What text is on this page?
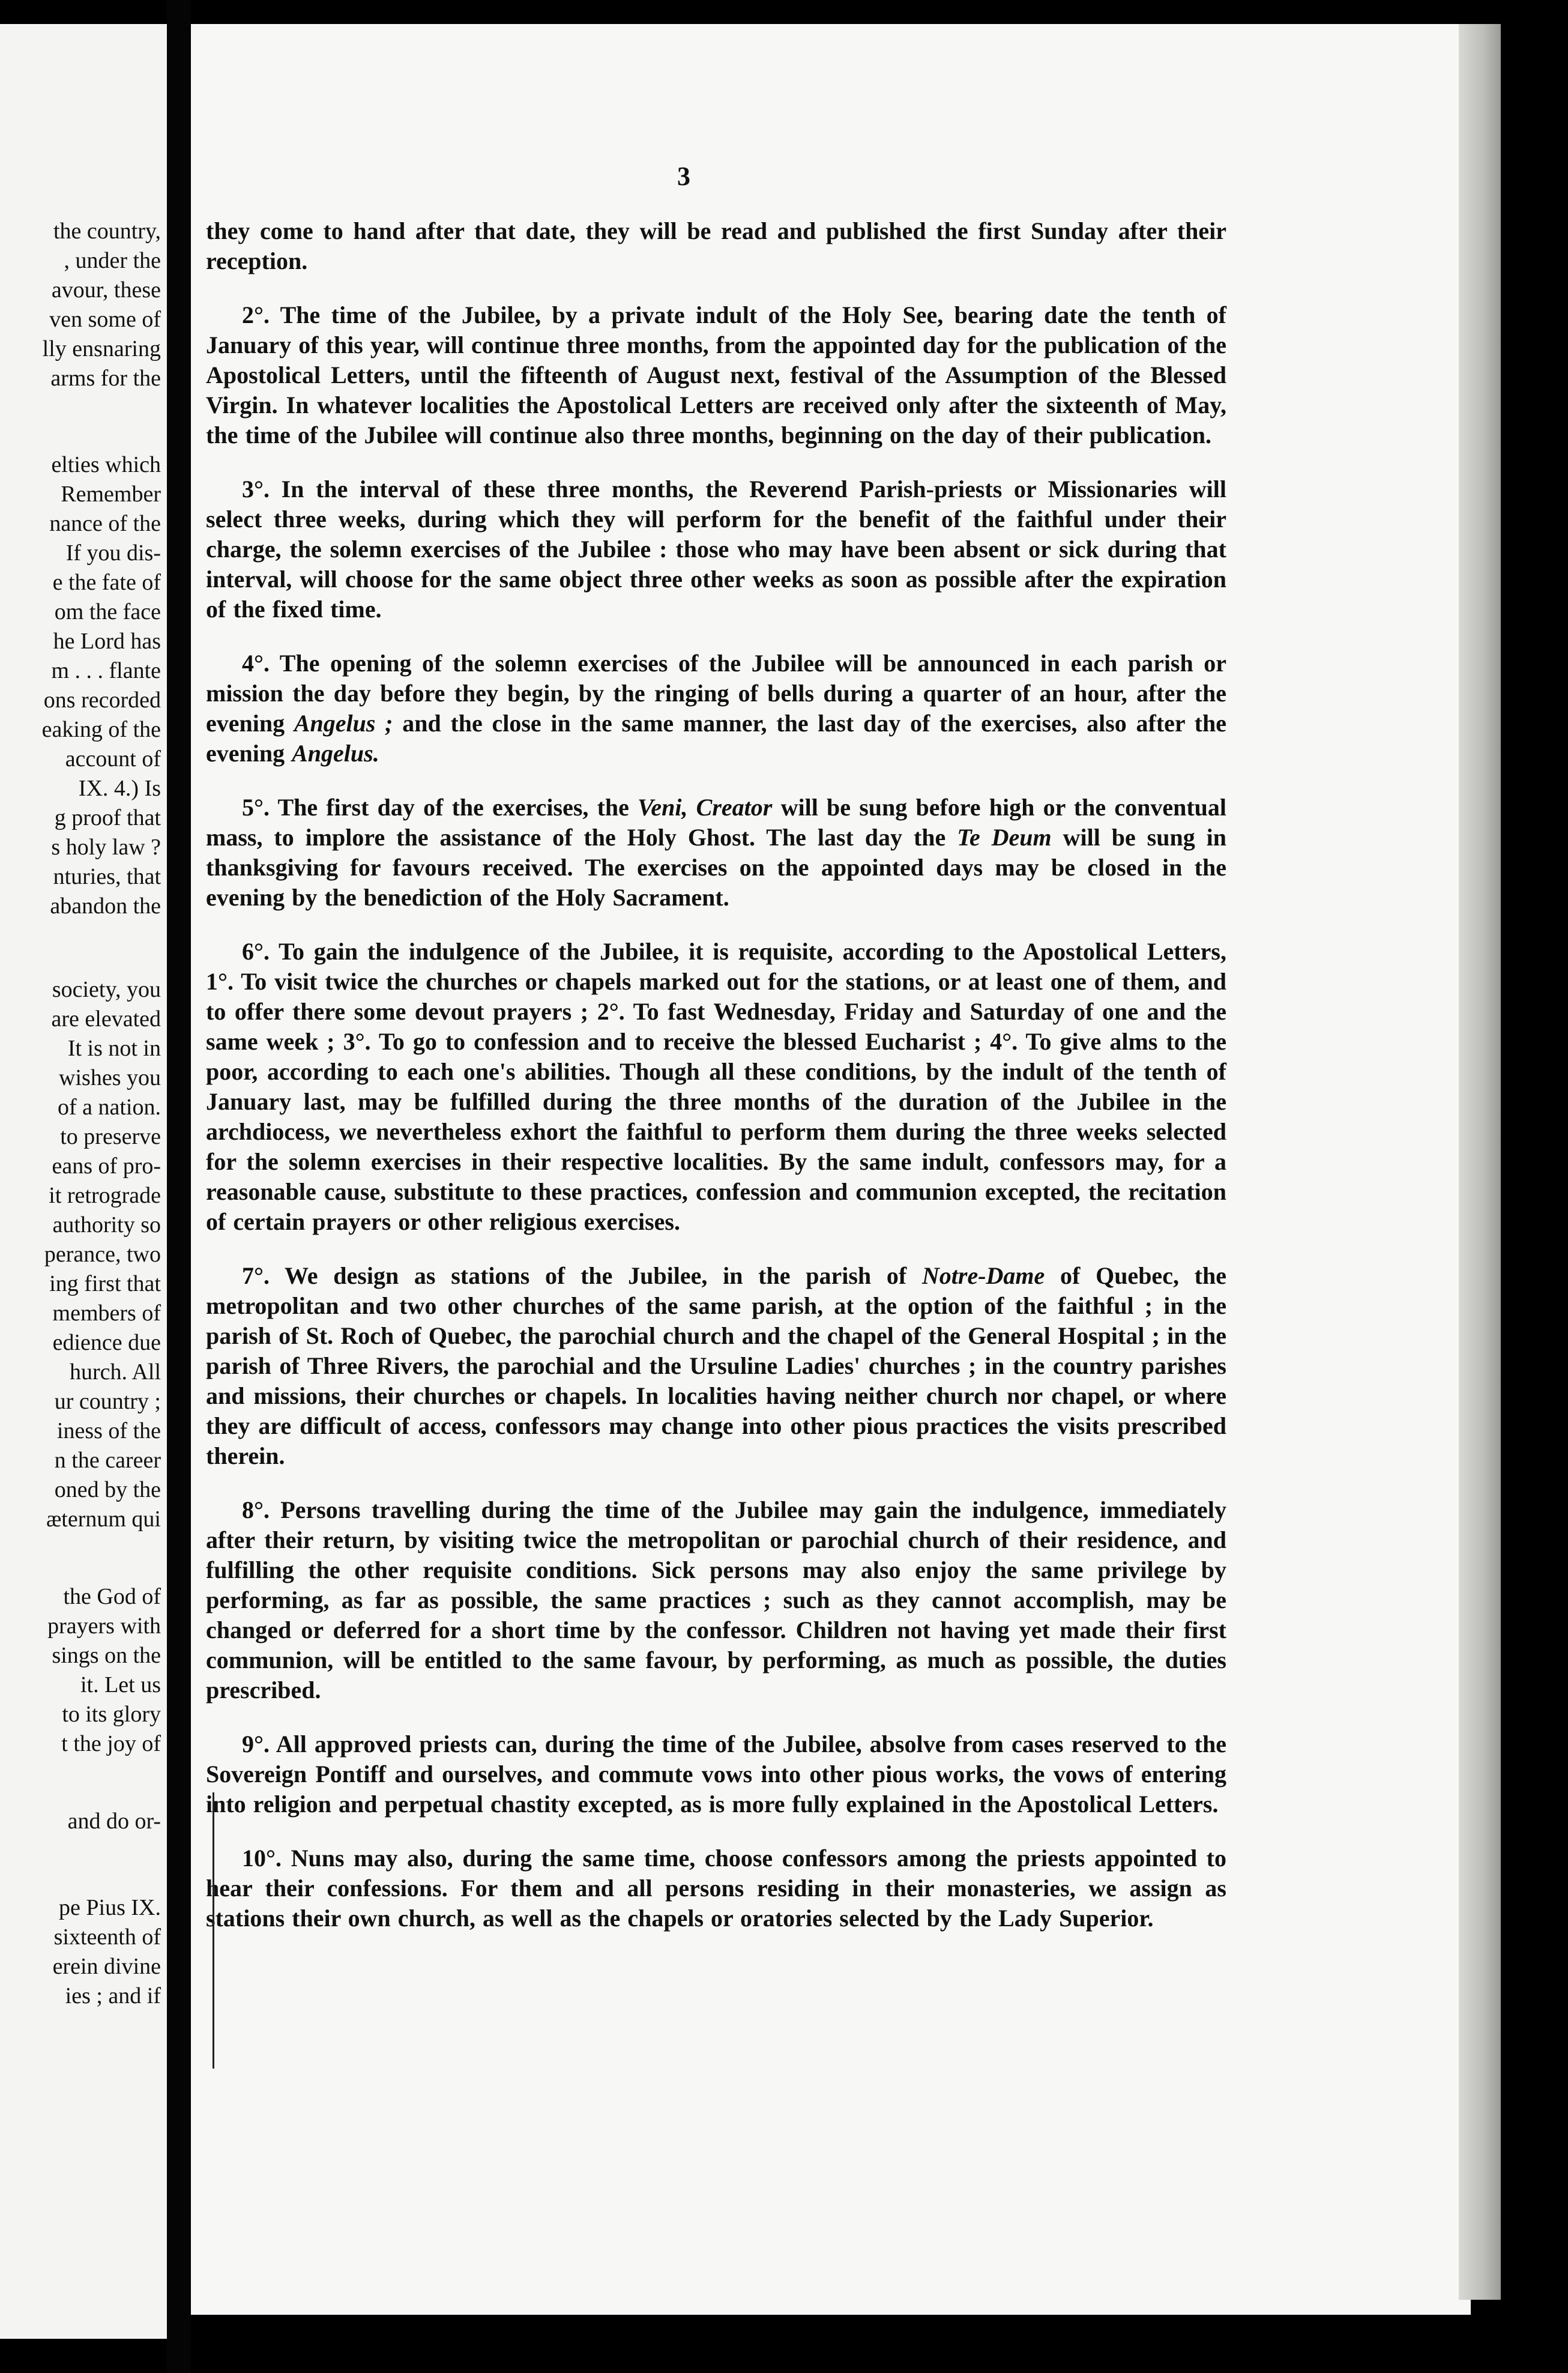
the country,
, under the
avour, these
ven some of
lly ensnaring
arms for the
elties which
Remember
nance of the
If you dis-
e the fate of
om the face
he Lord has
m . . . flante
ons recorded
eaking of the
account of
IX. 4.) Is
g proof that
s holy law ?
nturies, that
abandon the
society, you
are elevated
It is not in
wishes you
of a nation.
to preserve
eans of pro-
it retrograde
authority so
perance, two
ing first that
members of
edience due
hurch. All
ur country ;
iness of the
n the career
oned by the
æternum qui
the God of
prayers with
sings on the
it. Let us
to its glory
t the joy of
and do or-
pe Pius IX.
sixteenth of
erein divine
ies ; and if
3

they come to hand after that date, they will be read and published the first Sunday after their reception.

2°. The time of the Jubilee, by a private indult of the Holy See, bearing date the tenth of January of this year, will continue three months, from the appointed day for the publication of the Apostolical Letters, until the fifteenth of August next, festival of the Assumption of the Blessed Virgin. In whatever localities the Apostolical Letters are received only after the sixteenth of May, the time of the Jubilee will continue also three months, beginning on the day of their publication.

3°. In the interval of these three months, the Reverend Parish-priests or Missionaries will select three weeks, during which they will perform for the benefit of the faithful under their charge, the solemn exercises of the Jubilee : those who may have been absent or sick during that interval, will choose for the same object three other weeks as soon as possible after the expiration of the fixed time.

4°. The opening of the solemn exercises of the Jubilee will be announced in each parish or mission the day before they begin, by the ringing of bells during a quarter of an hour, after the evening Angelus ; and the close in the same manner, the last day of the exercises, also after the evening Angelus.

5°. The first day of the exercises, the Veni, Creator will be sung before high or the conventual mass, to implore the assistance of the Holy Ghost. The last day the Te Deum will be sung in thanksgiving for favours received. The exercises on the appointed days may be closed in the evening by the benediction of the Holy Sacrament.

6°. To gain the indulgence of the Jubilee, it is requisite, according to the Apostolical Letters, 1°. To visit twice the churches or chapels marked out for the stations, or at least one of them, and to offer there some devout prayers ; 2°. To fast Wednesday, Friday and Saturday of one and the same week ; 3°. To go to confession and to receive the blessed Eucharist ; 4°. To give alms to the poor, according to each one's abilities. Though all these conditions, by the indult of the tenth of January last, may be fulfilled during the three months of the duration of the Jubilee in the archdiocess, we nevertheless exhort the faithful to perform them during the three weeks selected for the solemn exercises in their respective localities. By the same indult, confessors may, for a reasonable cause, substitute to these practices, confession and communion excepted, the recitation of certain prayers or other religious exercises.

7°. We design as stations of the Jubilee, in the parish of Notre-Dame of Quebec, the metropolitan and two other churches of the same parish, at the option of the faithful ; in the parish of St. Roch of Quebec, the parochial church and the chapel of the General Hospital ; in the parish of Three Rivers, the parochial and the Ursuline Ladies' churches ; in the country parishes and missions, their churches or chapels. In localities having neither church nor chapel, or where they are difficult of access, confessors may change into other pious practices the visits prescribed therein.

8°. Persons travelling during the time of the Jubilee may gain the indulgence, immediately after their return, by visiting twice the metropolitan or parochial church of their residence, and fulfilling the other requisite conditions. Sick persons may also enjoy the same privilege by performing, as far as possible, the same practices ; such as they cannot accomplish, may be changed or deferred for a short time by the confessor. Children not having yet made their first communion, will be entitled to the same favour, by performing, as much as possible, the duties prescribed.

9°. All approved priests can, during the time of the Jubilee, absolve from cases reserved to the Sovereign Pontiff and ourselves, and commute vows into other pious works, the vows of entering into religion and perpetual chastity excepted, as is more fully explained in the Apostolical Letters.

10°. Nuns may also, during the same time, choose confessors among the priests appointed to hear their confessions. For them and all persons residing in their monasteries, we assign as stations their own church, as well as the chapels or oratories selected by the Lady Superior.
